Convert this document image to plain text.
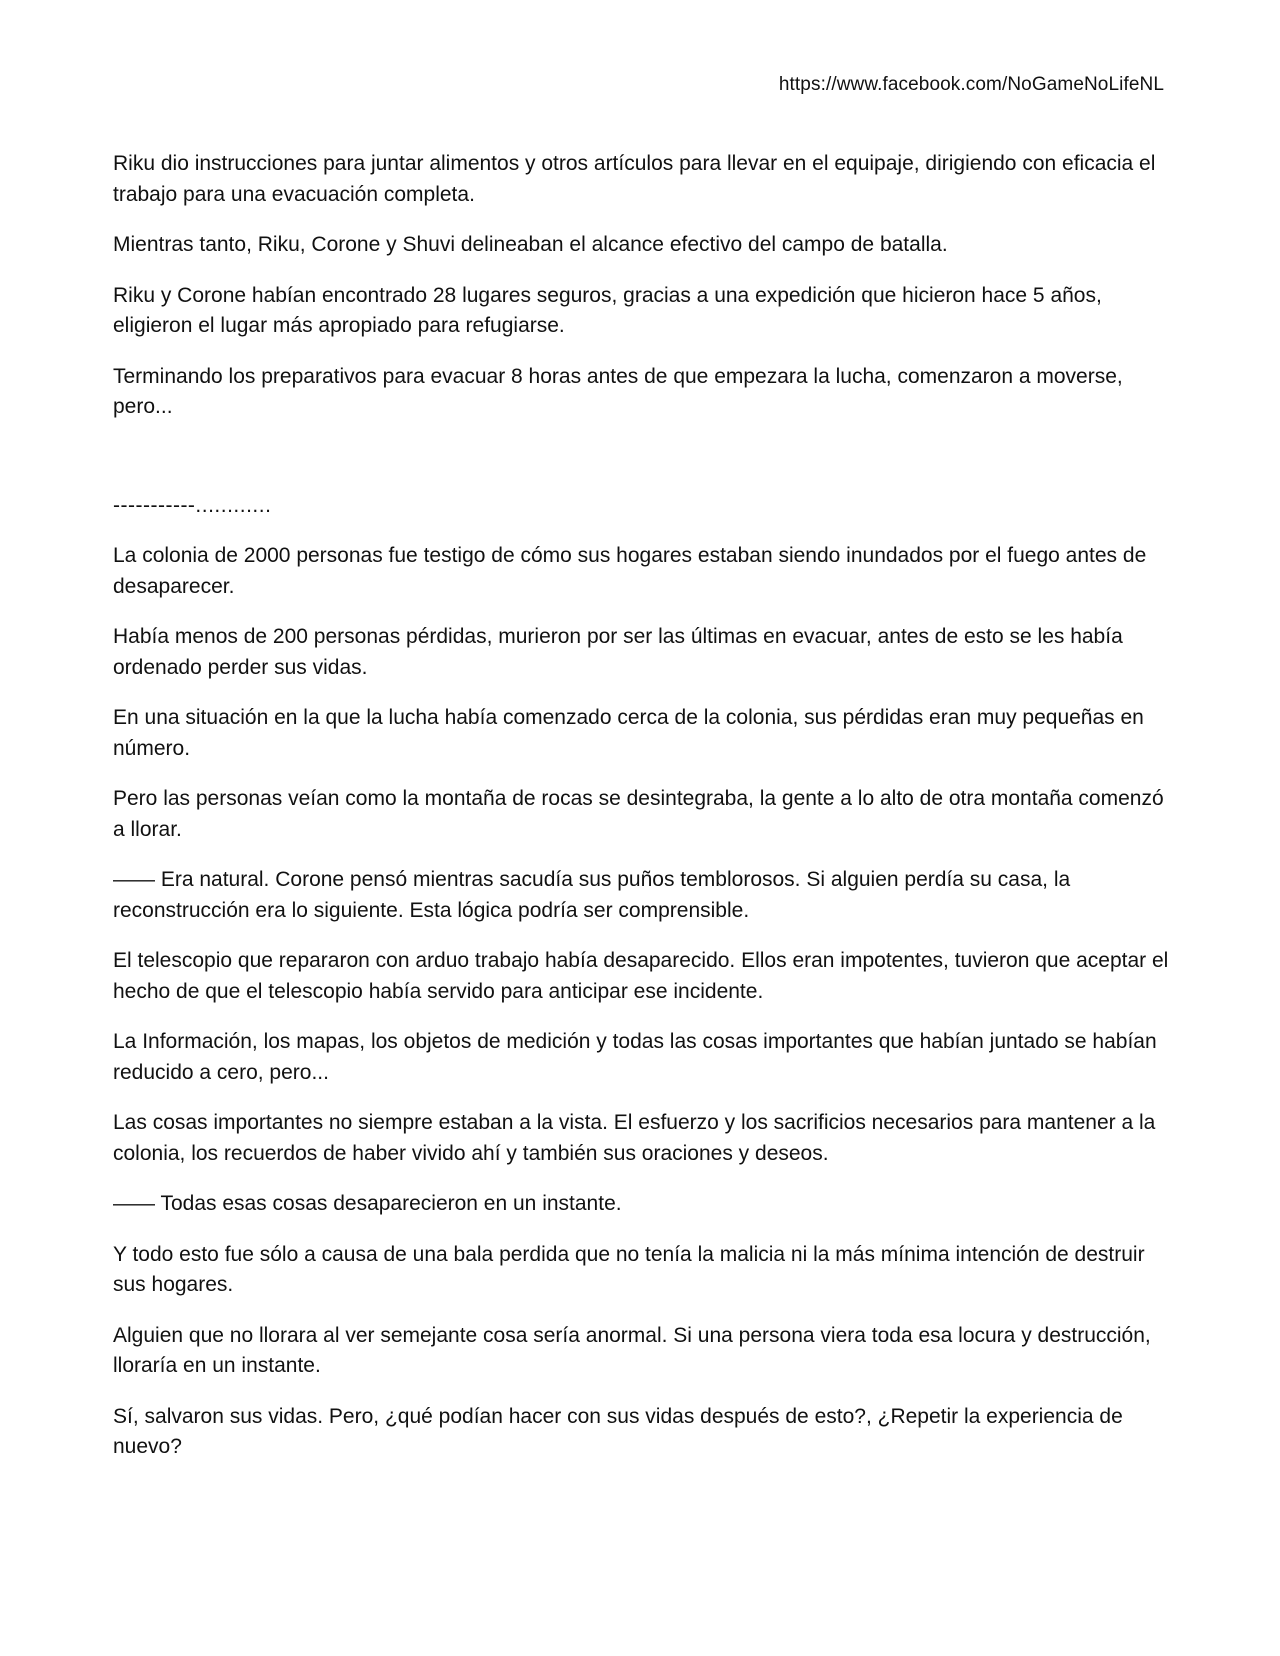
https://www.facebook.com/NoGameNoLifeNL

Riku dio instrucciones para juntar alimentos y otros artículos para llevar en el equipaje, dirigiendo con eficacia el trabajo para una evacuación completa.

Mientras tanto, Riku, Corone y Shuvi delineaban el alcance efectivo del campo de batalla.

Riku y Corone habían encontrado 28 lugares seguros, gracias a una expedición que hicieron hace 5 años, eligieron el lugar más apropiado para refugiarse.

Terminando los preparativos para evacuar 8 horas antes de que empezara la lucha, comenzaron a moverse, pero...

-----------............

La colonia de 2000 personas fue testigo de cómo sus hogares estaban siendo inundados por el fuego antes de desaparecer.

Había menos de 200 personas pérdidas, murieron por ser las últimas en evacuar, antes de esto se les había ordenado perder sus vidas.

En una situación en la que la lucha había comenzado cerca de la colonia, sus pérdidas eran muy pequeñas en número.

Pero las personas veían como la montaña de rocas se desintegraba, la gente a lo alto de otra montaña comenzó a llorar.

—— Era natural. Corone pensó mientras sacudía sus puños temblorosos. Si alguien perdía su casa, la reconstrucción era lo siguiente. Esta lógica podría ser comprensible.

El telescopio que repararon con arduo trabajo había desaparecido. Ellos eran impotentes, tuvieron que aceptar el hecho de que el telescopio había servido para anticipar ese incidente.

La Información, los mapas, los objetos de medición y todas las cosas importantes que habían juntado se habían reducido a cero, pero...

Las cosas importantes no siempre estaban a la vista. El esfuerzo y los sacrificios necesarios para mantener a la colonia, los recuerdos de haber vivido ahí y también sus oraciones y deseos.

—— Todas esas cosas desaparecieron en un instante.

Y todo esto fue sólo a causa de una bala perdida que no tenía la malicia ni la más mínima intención de destruir sus hogares.

Alguien que no llorara al ver semejante cosa sería anormal. Si una persona viera toda esa locura y destrucción, lloraría en un instante.

Sí, salvaron sus vidas. Pero, ¿qué podían hacer con sus vidas después de esto?, ¿Repetir la experiencia de nuevo?
